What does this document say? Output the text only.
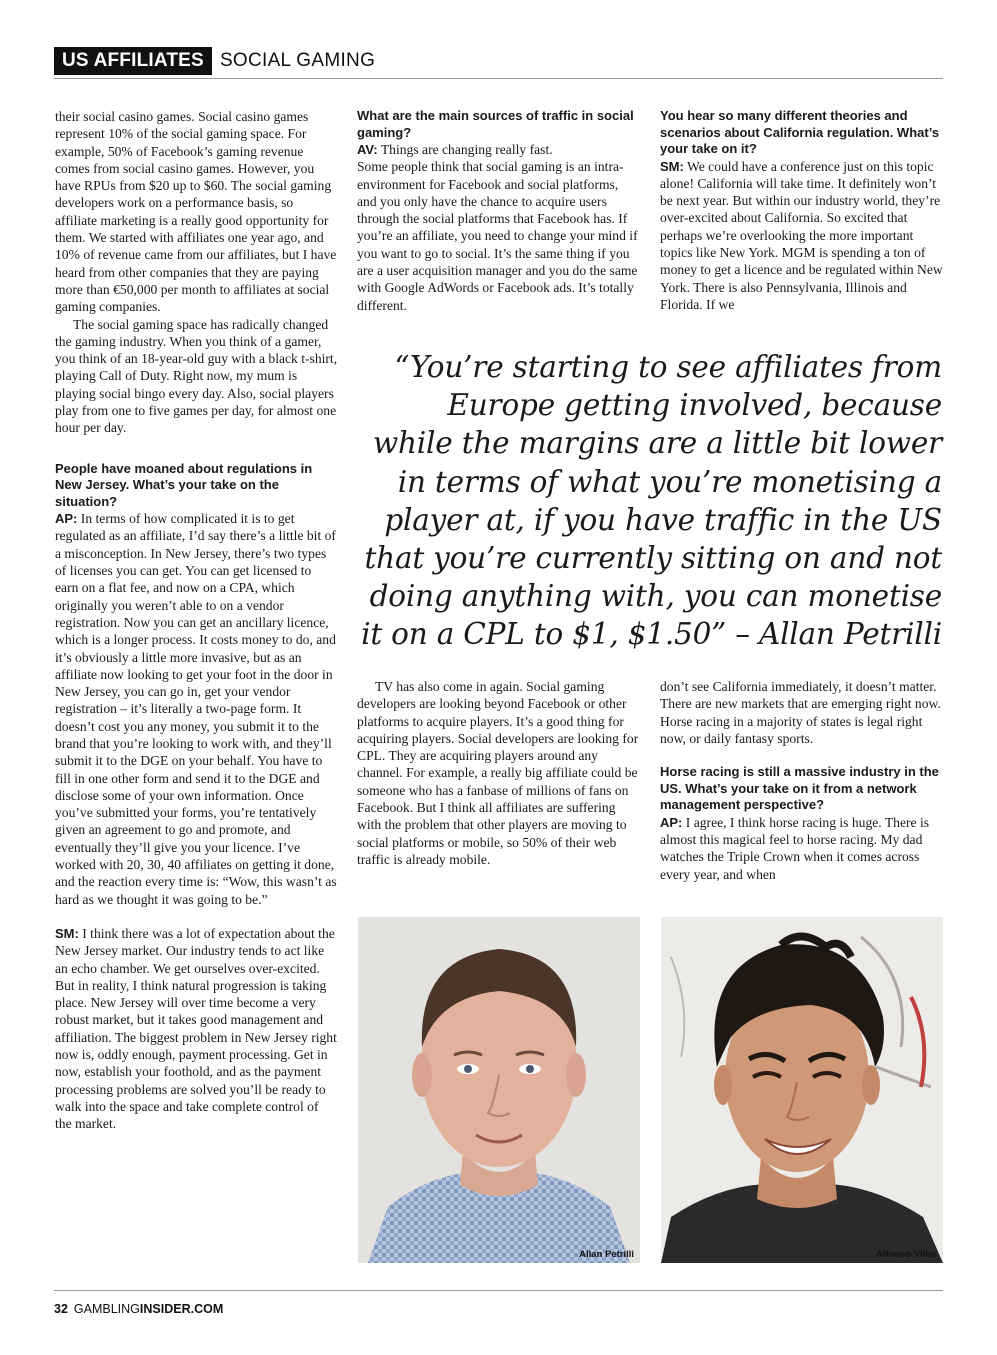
US AFFILIATES SOCIAL GAMING

their social casino games. Social casino games represent 10% of the social gaming space. For example, 50% of Facebook’s gaming revenue comes from social casino games. However, you have RPUs from $20 up to $60. The social gaming developers work on a performance basis, so affiliate marketing is a really good opportunity for them. We started with affiliates one year ago, and 10% of revenue came from our affiliates, but I have heard from other companies that they are paying more than €50,000 per month to affiliates at social gaming companies.

The social gaming space has radically changed the gaming industry. When you think of a gamer, you think of an 18-year-old guy with a black t-shirt, playing Call of Duty. Right now, my mum is playing social bingo every day. Also, social players play from one to five games per day, for almost one hour per day.

People have moaned about regulations in New Jersey. What’s your take on the situation?

AP: In terms of how complicated it is to get regulated as an affiliate, I’d say there’s a little bit of a misconception. In New Jersey, there’s two types of licenses you can get. You can get licensed to earn on a flat fee, and now on a CPA, which originally you weren’t able to on a vendor registration. Now you can get an ancillary licence, which is a longer process. It costs money to do, and it’s obviously a little more invasive, but as an affiliate now looking to get your foot in the door in New Jersey, you can go in, get your vendor registration – it’s literally a two-page form. It doesn’t cost you any money, you submit it to the brand that you’re looking to work with, and they’ll submit it to the DGE on your behalf. You have to fill in one other form and send it to the DGE and disclose some of your own information. Once you’ve submitted your forms, you’re tentatively given an agreement to go and promote, and eventually they’ll give you your licence. I’ve worked with 20, 30, 40 affiliates on getting it done, and the reaction every time is: “Wow, this wasn’t as hard as we thought it was going to be.”

SM: I think there was a lot of expectation about the New Jersey market. Our industry tends to act like an echo chamber. We get ourselves over-excited. But in reality, I think natural progression is taking place. New Jersey will over time become a very robust market, but it takes good management and affiliation. The biggest problem in New Jersey right now is, oddly enough, payment processing. Get in now, establish your foothold, and as the payment processing problems are solved you’ll be ready to walk into the space and take complete control of the market.

What are the main sources of traffic in social gaming?

AV: Things are changing really fast.

Some people think that social gaming is an intra-environment for Facebook and social platforms, and you only have the chance to acquire users through the social platforms that Facebook has. If you’re an affiliate, you need to change your mind if you want to go to social. It’s the same thing if you are a user acquisition manager and you do the same with Google AdWords or Facebook ads. It’s totally different.

You hear so many different theories and scenarios about California regulation. What’s your take on it?

SM: We could have a conference just on this topic alone! California will take time. It definitely won’t be next year. But within our industry world, they’re over-excited about California. So excited that perhaps we’re overlooking the more important topics like New York. MGM is spending a ton of money to get a licence and be regulated within New York. There is also Pennsylvania, Illinois and Florida. If we

“You’re starting to see affiliates from
Europe getting involved, because
while the margins are a little bit lower
in terms of what you’re monetising a
player at, if you have traffic in the US
that you’re currently sitting on and not
doing anything with, you can monetise
it on a CPL to $1, $1.50” – Allan Petrilli

TV has also come in again. Social gaming developers are looking beyond Facebook or other platforms to acquire players. It’s a good thing for acquiring players. Social developers are looking for CPL. They are acquiring players around any channel. For example, a really big affiliate could be someone who has a fanbase of millions of fans on Facebook. But I think all affiliates are suffering with the problem that other players are moving to social platforms or mobile, so 50% of their web traffic is already mobile.

don’t see California immediately, it doesn’t matter. There are new markets that are emerging right now. Horse racing in a majority of states is legal right now, or daily fantasy sports.

Horse racing is still a massive industry in the US. What’s your take on it from a network management perspective?

AP: I agree, I think horse racing is huge. There is almost this magical feel to horse racing. My dad watches the Triple Crown when it comes across every year, and when

Allan Petrilli	Alfonso Villar
32 GAMBLINGINSIDER.COM
